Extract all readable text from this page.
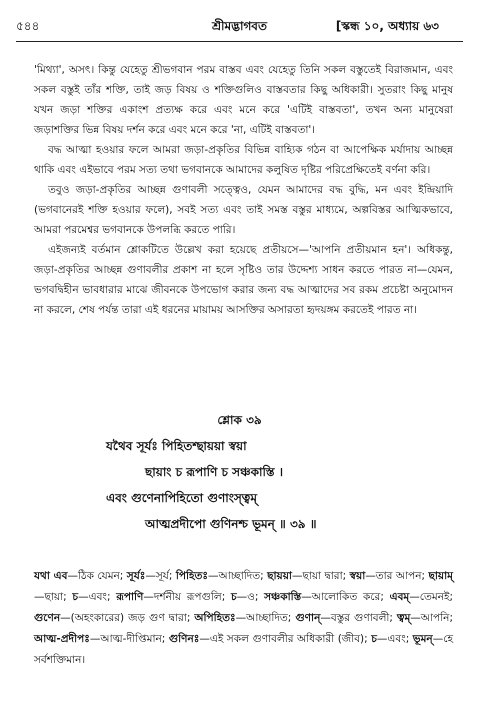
৫৪৪	শ্রীমদ্ভাগবত	[স্কন্ধ ১০, অধ্যায় ৬৩

'মিথ্যা', অসৎ। কিন্তু যেহেতু শ্রীভগবান পরম বাস্তব এবং যেহেতু তিনি সকল বস্তুতেই বিরাজমান, এবং সকল বস্তুই তাঁর শক্তি, তাই জড় বিষয় ও শক্তিগুলিও বাস্তবতার কিছু অধিকারী। সুতরাং কিছু মানুষ যখন জড়া শক্তির একাংশ প্রত্যক্ষ করে এবং মনে করে 'এটিই বাস্তবতা', তখন অন্য মানুষেরা জড়াশক্তির ভিন্ন বিষয় দর্শন করে এবং মনে করে 'না, এটিই বাস্তবতা'।

বদ্ধ আত্মা হওয়ার ফলে আমরা জড়া-প্রকৃতির বিভিন্ন বাহ্যিক গঠন বা আপেক্ষিক মর্যাদায় আচ্ছন্ন থাকি এবং এইভাবে পরম সত্য তথা ভগবানকে আমাদের কলুষিত দৃষ্টির পরিপ্রেক্ষিতেই বর্ণনা করি।

তবুও জড়া-প্রকৃতির আচ্ছন্ন গুণাবলী সত্ত্বেও, যেমন আমাদের বদ্ধ বুদ্ধি, মন এবং ইন্দ্রিয়াদি (ভগবানেরই শক্তি হওয়ার ফলে), সবই সত্য এবং তাই সমস্ত বস্তুর মাধ্যমে, অল্পবিস্তর আত্মিকভাবে, আমরা পরমেশ্বর ভগবানকে উপলব্ধি করতে পারি।

এইজন্যই বর্তমান শ্লোকটিতে উল্লেখ করা হয়েছে প্রতীয়সে—'আপনি প্রতীয়মান হন'। অধিকন্তু, জড়া-প্রকৃতির আচ্ছন্ন গুণাবলীর প্রকাশ না হলে সৃষ্টিও তার উদ্দেশ্য সাধন করতে পারত না—যেমন, ভগবদ্বিহীন ভাবধারার মাঝে জীবনকে উপভোগ করার জন্য বদ্ধ আত্মাদের সব রকম প্রচেষ্টা অনুমোদন না করলে, শেষ পর্যন্ত তারা এই ধরনের মায়াময় আসক্তির অসারতা হৃদয়ঙ্গম করতেই পারত না।

শ্লোক ৩৯
যথৈব সূর্যঃ পিহিতশ্ছায়য়া স্বয়া
ছায়াং চ রূপাণি চ সঞ্চকাস্তি ।
এবং গুণেনাপিহিতো গুণাংস্ত্বম্
আত্মপ্রদীপো গুণিনশ্চ ভূমন্ ॥ ৩৯ ॥
যথা এব—ঠিক যেমন; সূর্যঃ—সূর্য; পিহিতঃ—আচ্ছাদিত; ছায়য়া—ছায়া দ্বারা; স্বয়া—তার আপন; ছায়াম্—ছায়া; চ—এবং; রূপাণি—দর্শনীয় রূপগুলি; চ—ও; সঞ্চকাস্তি—আলোকিত করে; এবম্—তেমনই; গুণেন—(অহংকারের) জড় গুণ দ্বারা; অপিহিতঃ—আচ্ছাদিত; গুণান্—বস্তুর গুণাবলী; ত্বম্—আপনি; আত্ম-প্রদীপঃ—আত্ম-দীপ্তিমান; গুণিনঃ—এই সকল গুণাবলীর অধিকারী (জীব); চ—এবং; ভূমন্—হে সর্বশক্তিমান।
